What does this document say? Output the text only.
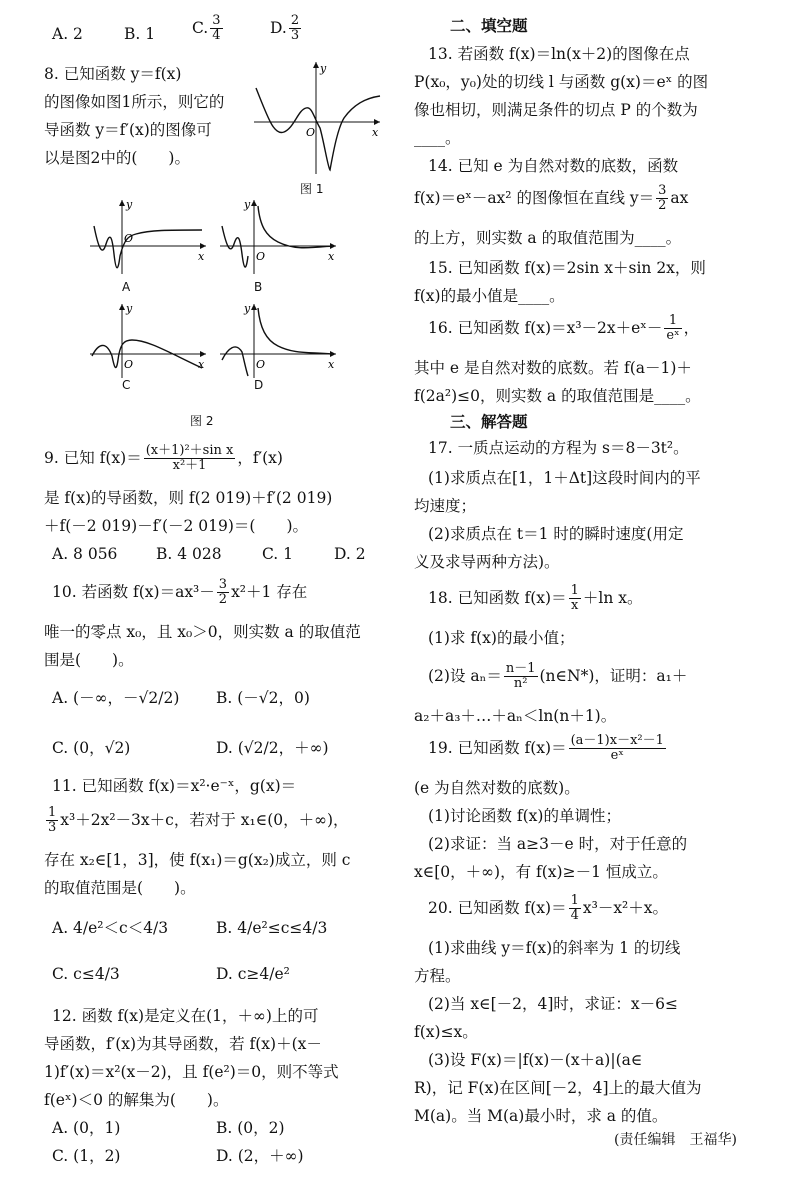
A. 2	B. 1 C. $\frac{3}{4}$	D. $\frac{2}{3}$
8. 已知函数 y＝f(x)
的图像如图1所示，则它的
导函数 y＝f′(x)的图像可
以是图2中的(　　)。
y
x
O
图 1
y
x
O
A
y
x
O
B
y
x
O
C
y
x
O
D
图 2
9. 已知 $f(x)= \frac{\text{(x＋1)²＋sin x}}{\text{x²＋1}}$ ，f′(x)
是 f(x)的导函数，则 f(2 019)＋f′(2 019)
＋f(－2 019)－f′(－2 019)＝(　　)。
A. 8 056 B. 4 028	C. 1	D. 2
10. 若函数 $f(x)=ax^3- \frac{3}{2} x^2+1$ 存在
唯一的零点 x₀，且 x₀＞0，则实数 a 的取值范
围是(　　)。
A. (－∞，－√2/2) B. (－√2，0)
C. (0，√2)	D. (√2/2，＋∞)
11. 已知函数 f(x)＝x²·e⁻ˣ，g(x)＝
$\frac{1}{3} x^3+2x^2-3x+c$，若对于 x₁∈(0，＋∞)，
存在 x₂∈[1，3]，使 f(x₁)＝g(x₂)成立，则 c
的取值范围是(　　)。
A. 4/e²＜c＜4/3	B. 4/e²≤c≤4/3
C. c≤4/3	D. c≥4/e²
12. 函数 f(x)是定义在(1，＋∞)上的可
导函数，f′(x)为其导函数，若 f(x)＋(x－
1)f′(x)＝x²(x－2)，且 f(e²)＝0，则不等式
f(eˣ)＜0 的解集为(　　)。
A. (0，1)	B. (0，2)
C. (1，2)	D. (2，＋∞)
二、填空题
13. 若函数 f(x)＝ln(x＋2)的图像在点
P(x₀，y₀)处的切线 l 与函数 g(x)＝eˣ 的图
像也相切，则满足条件的切点 P 的个数为
____。
14. 已知 e 为自然对数的底数，函数
f(x)＝eˣ－ax² 的图像恒在直线 $y= \frac{3}{2}$ ax
的上方，则实数 a 的取值范围为____。
15. 已知函数 f(x)＝2sin x＋sin 2x，则
f(x)的最小值是____。
16. 已知函数 f(x)＝x³－2x＋eˣ－ $\frac{1}{\text{eˣ}}$ ，
其中 e 是自然对数的底数。若 f(a－1)＋
f(2a²)≤0，则实数 a 的取值范围是____。
三、解答题
17. 一质点运动的方程为 s＝8－3t²。
(1)求质点在[1，1＋Δt]这段时间内的平
均速度；
(2)求质点在 t＝1 时的瞬时速度(用定
义及求导两种方法)。
18. 已知函数 $f(x)= \frac{1}{x} +\ln$ x。
(1)求 f(x)的最小值；
(2)设 $a_n= \frac{n-1}{\text{n²}}$ (n∈N*)，证明：a₁＋
a₂＋a₃＋…＋aₙ＜ln(n＋1)。
19. 已知函数 $f(x)= \frac{\text{(a－1)x－x²－1}}{\text{eˣ}}$
(e 为自然对数的底数)。
(1)讨论函数 f(x)的单调性；
(2)求证：当 a≥3－e 时，对于任意的
x∈[0，＋∞)，有 f(x)≥－1 恒成立。
20. 已知函数 $f(x)= \frac{1}{4} x^3-x^2+x$。
(1)求曲线 y＝f(x)的斜率为 1 的切线
方程。
(2)当 x∈[－2，4]时，求证：x－6≤
f(x)≤x。
(3)设 F(x)＝|f(x)－(x＋a)|(a∈
R)，记 F(x)在区间[－2，4]上的最大值为
M(a)。当 M(a)最小时，求 a 的值。
(责任编辑　王福华)
